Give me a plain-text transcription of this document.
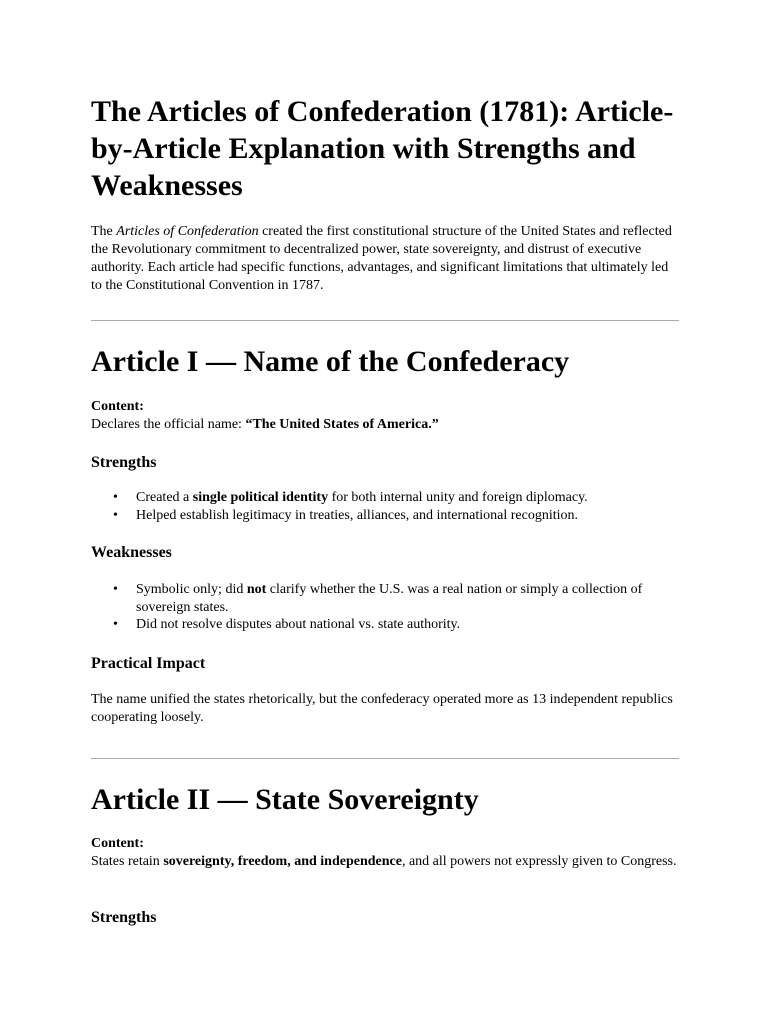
The Articles of Confederation (1781): Article-by-Article Explanation with Strengths and Weaknesses

The Articles of Confederation created the first constitutional structure of the United States and reflected the Revolutionary commitment to decentralized power, state sovereignty, and distrust of executive authority. Each article had specific functions, advantages, and significant limitations that ultimately led to the Constitutional Convention in 1787.

Article I — Name of the Confederacy
Content:
Declares the official name: “The United States of America.”
Strengths
• Created a single political identity for both internal unity and foreign diplomacy.
• Helped establish legitimacy in treaties, alliances, and international recognition.
Weaknesses
• Symbolic only; did not clarify whether the U.S. was a real nation or simply a collection of sovereign states.
• Did not resolve disputes about national vs. state authority.
Practical Impact
The name unified the states rhetorically, but the confederacy operated more as 13 independent republics cooperating loosely.
Article II — State Sovereignty
Content:
States retain sovereignty, freedom, and independence, and all powers not expressly given to Congress.
Strengths
